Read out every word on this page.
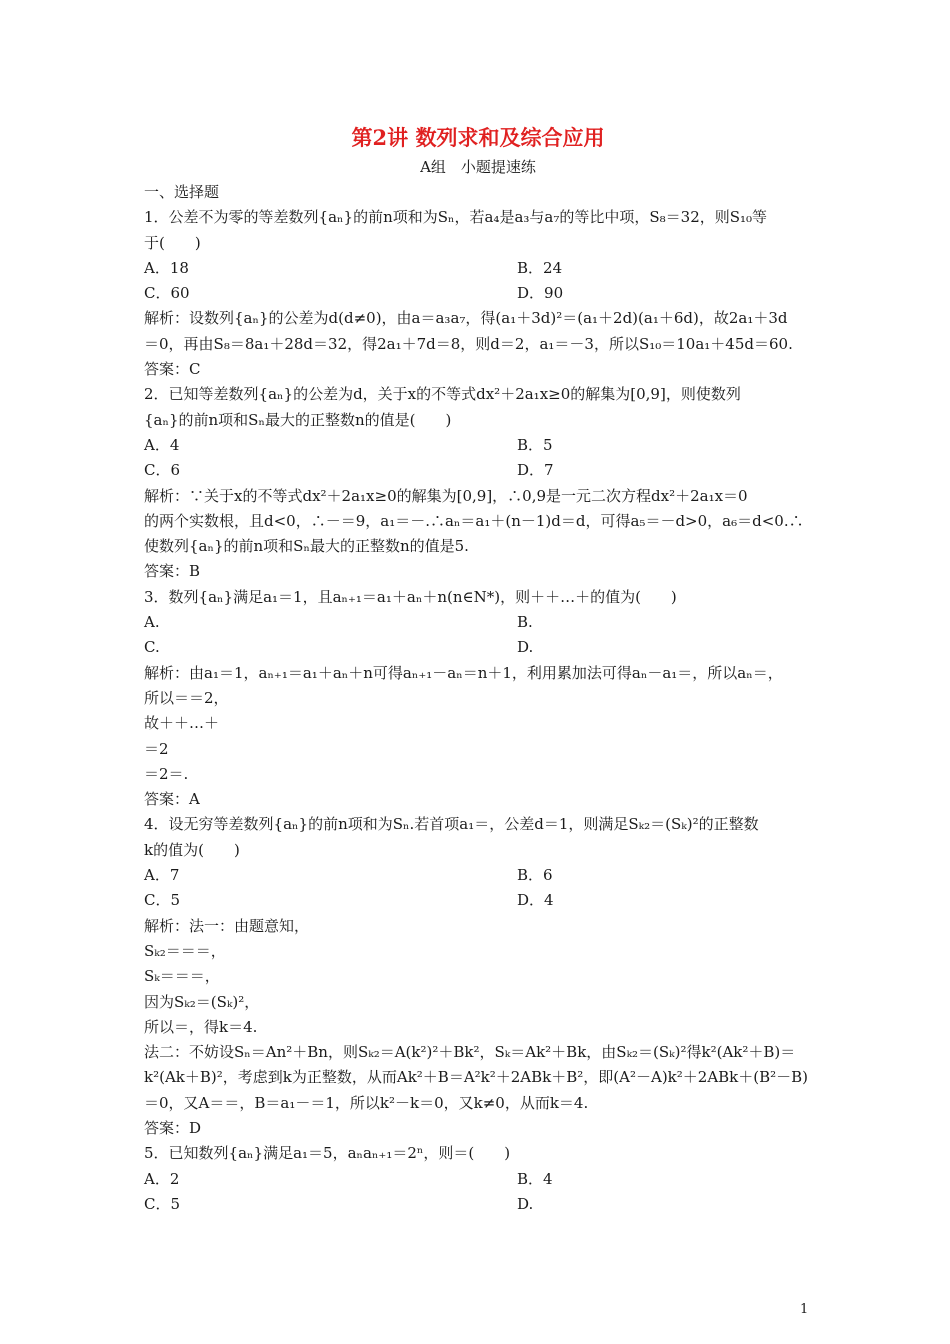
第2讲 数列求和及综合应用
A组　小题提速练
一、选择题
1．公差不为零的等差数列{aₙ}的前n项和为Sₙ，若a₄是a₃与a₇的等比中项，S₈＝32，则S₁₀等
于(　　)
A．18	B．24
C．60	D．90
解析：设数列{aₙ}的公差为d(d≠0)，由a＝a₃a₇，得(a₁＋3d)²＝(a₁＋2d)(a₁＋6d)，故2a₁＋3d
＝0，再由S₈＝8a₁＋28d＝32，得2a₁＋7d＝8，则d＝2，a₁＝－3，所以S₁₀＝10a₁＋45d＝60.
答案：C
2．已知等差数列{aₙ}的公差为d，关于x的不等式dx²＋2a₁x≥0的解集为[0,9]，则使数列
{aₙ}的前n项和Sₙ最大的正整数n的值是(　　)
A．4	B．5
C．6	D．7
解析：∵关于x的不等式dx²＋2a₁x≥0的解集为[0,9]，∴0,9是一元二次方程dx²＋2a₁x＝0
的两个实数根，且d<0，∴－＝9，a₁＝－.∴aₙ＝a₁＋(n－1)d＝d，可得a₅＝－d>0，a₆＝d<0.∴
使数列{aₙ}的前n项和Sₙ最大的正整数n的值是5.
答案：B
3．数列{aₙ}满足a₁＝1，且aₙ₊₁＝a₁＋aₙ＋n(n∈N*)，则＋＋…＋的值为(　　)
A.	B.
C.	D.
解析：由a₁＝1，aₙ₊₁＝a₁＋aₙ＋n可得aₙ₊₁－aₙ＝n＋1，利用累加法可得aₙ－a₁＝，所以aₙ＝，
所以＝＝2，
故＋＋…＋
＝2
＝2＝.
答案：A
4．设无穷等差数列{aₙ}的前n项和为Sₙ.若首项a₁＝，公差d＝1，则满足Sₖ₂＝(Sₖ)²的正整数
k的值为(　　)
A．7	B．6
C．5	D．4
解析：法一：由题意知，
Sₖ₂＝＝＝，
Sₖ＝＝＝，
因为Sₖ₂＝(Sₖ)²，
所以＝，得k＝4.
法二：不妨设Sₙ＝An²＋Bn，则Sₖ₂＝A(k²)²＋Bk²，Sₖ＝Ak²＋Bk，由Sₖ₂＝(Sₖ)²得k²(Ak²＋B)＝
k²(Ak＋B)²，考虑到k为正整数，从而Ak²＋B＝A²k²＋2ABk＋B²，即(A²－A)k²＋2ABk＋(B²－B)
＝0，又A＝＝，B＝a₁－＝1，所以k²－k＝0，又k≠0，从而k＝4.
答案：D
5．已知数列{aₙ}满足a₁＝5，aₙaₙ₊₁＝2ⁿ，则＝(　　)
A．2	B．4
C．5	D.
1
